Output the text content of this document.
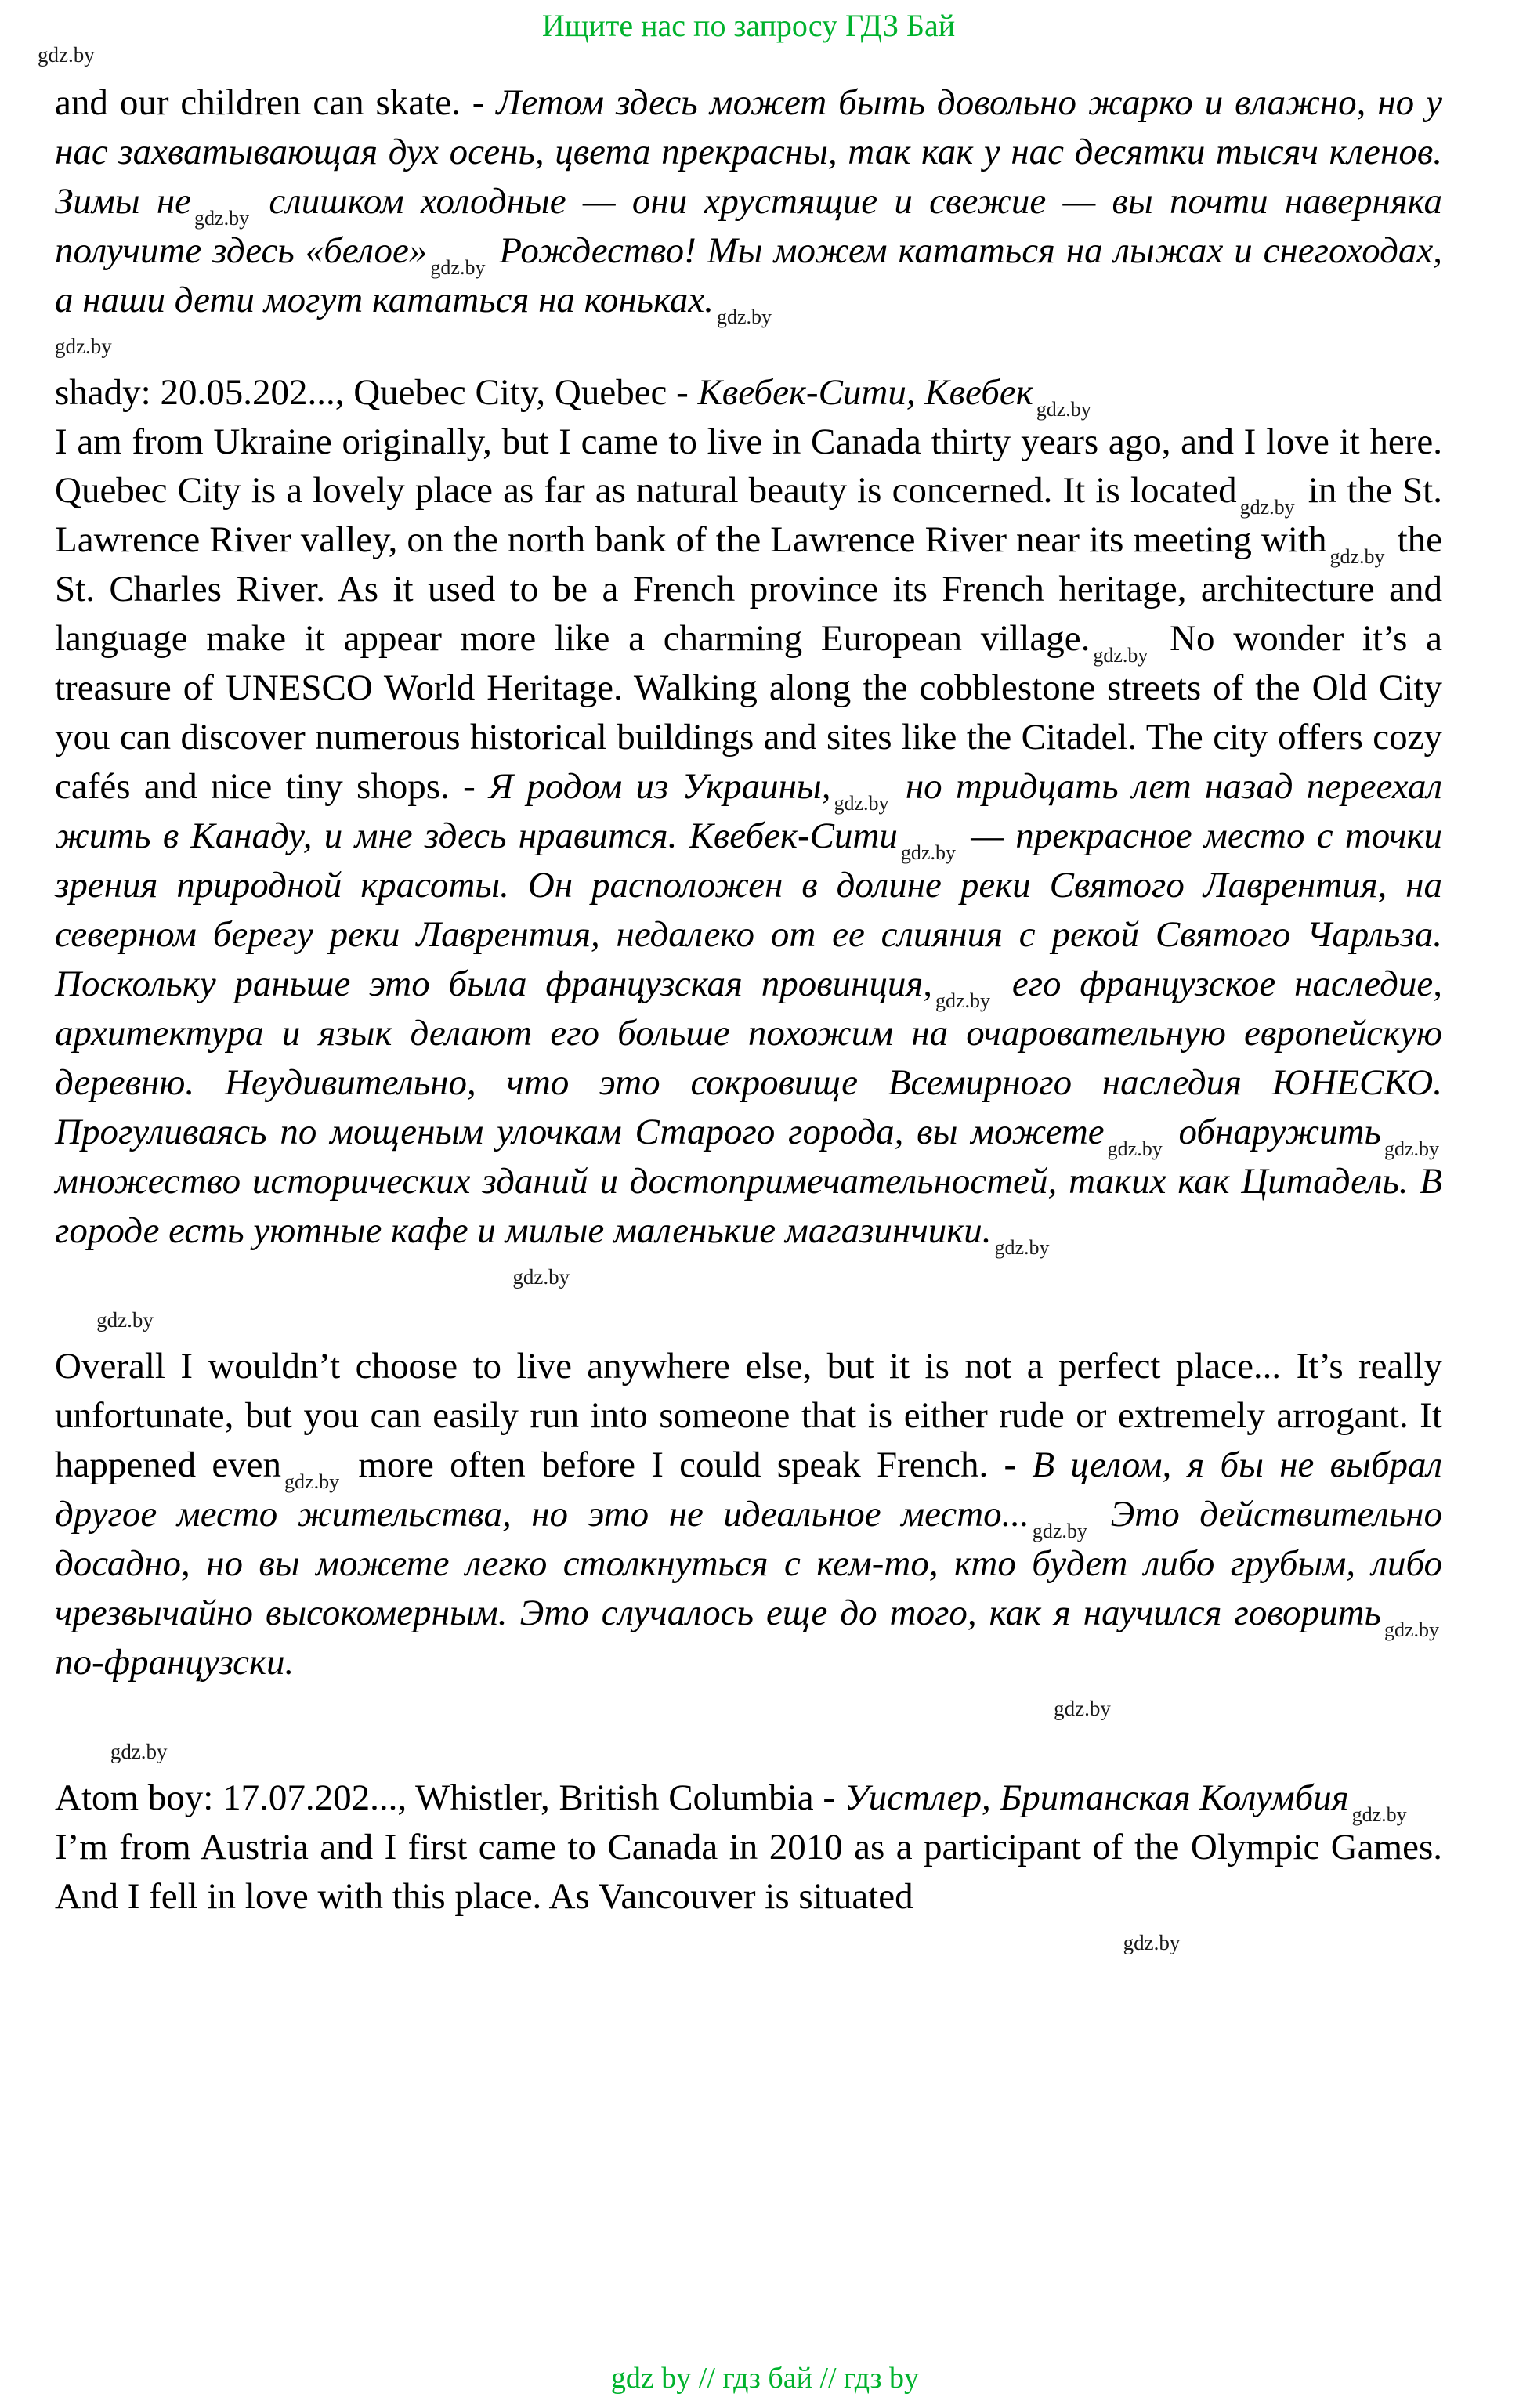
Ищите нас по запросу ГДЗ Бай
gdz.by

and our children can skate. - Летом здесь может быть довольно жарко и влажно, но у нас захватывающая дух осень, цвета прекрасны, так как у нас десятки тысяч кленов. Зимы не gdz.by слишком холодные — они хрустящие и свежие — вы почти наверняка получите здесь «белое» gdz.by Рождество! Мы можем кататься на лыжах и снегоходах, а наши дети могут кататься на коньках. gdz.by

gdz.by

shady: 20.05.202..., Quebec City, Quebec - Квебек-Сити, Квебек gdz.by

I am from Ukraine originally, but I came to live in Canada thirty years ago, and I love it here. Quebec City is a lovely place as far as natural beauty is concerned. It is located gdz.by in the St. Lawrence River valley, on the north bank of the Lawrence River near its meeting with gdz.by the St. Charles River. As it used to be a French province its French heritage, architecture and language make it appear more like a charming European village. gdz.by No wonder it’s a treasure of UNESCO World Heritage. Walking along the cobblestone streets of the Old City you can discover numerous historical buildings and sites like the Citadel. The city offers cozy cafés and nice tiny shops. - Я родом из Украины, gdz.by но тридцать лет назад переехал жить в Канаду, и мне здесь нравится. Квебек-Сити gdz.by — прекрасное место с точки зрения природной красоты. Он расположен в долине реки Святого Лаврентия, на северном берегу реки Лаврентия, недалеко от ее слияния с рекой Святого Чарльза. Поскольку раньше это была французская провинция, gdz.by его французское наследие, архитектура и язык делают его больше похожим на очаровательную европейскую деревню. Неудивительно, что это сокровище Всемирного наследия ЮНЕСКО. Прогуливаясь по мощеным улочкам Старого города, вы можете gdz.by обнаружить gdz.by множество исторических зданий и достопримечательностей, таких как Цитадель. В городе есть уютные кафе и милые маленькие магазинчики. gdz.by

gdz.by
gdz.by

Overall I wouldn’t choose to live anywhere else, but it is not a perfect place... It’s really unfortunate, but you can easily run into someone that is either rude or extremely arrogant. It happened even gdz.by more often before I could speak French. - В целом, я бы не выбрал другое место жительства, но это не идеальное место... gdz.by Это действительно досадно, но вы можете легко столкнуться с кем-то, кто будет либо грубым, либо чрезвычайно высокомерным. Это случалось еще до того, как я научился говорить gdz.by по-французски.

gdz.by
gdz.by

Atom boy: 17.07.202..., Whistler, British Columbia - Уистлер, Британская Колумбия gdz.by

I’m from Austria and I first came to Canada in 2010 as a participant of the Olympic Games. And I fell in love with this place. As Vancouver is situated

gdz.by
gdz by // гдз бай // гдз by
